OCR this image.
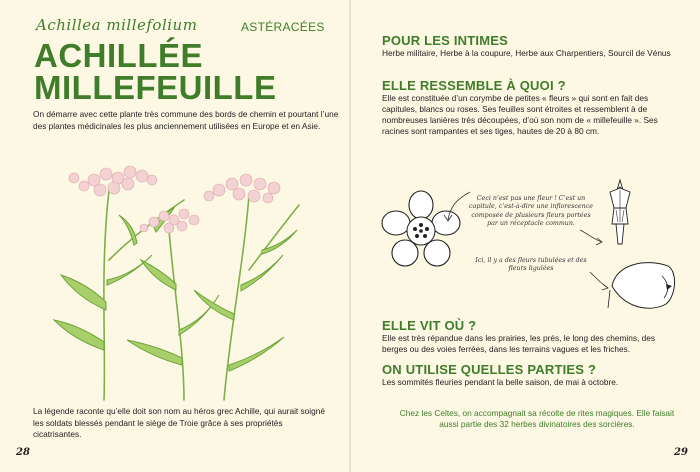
Achillea millefolium	ASTÉRACÉES
ACHILLÉE
MILLEFEUILLE
On démarre avec cette plante très commune des bords de chemin et pourtant l’une des plantes médicinales les plus anciennement utilisées en Europe et en Asie.
La légende raconte qu’elle doit son nom au héros grec Achille, qui aurait soigné les soldats blessés pendant le siège de Troie grâce à ses propriétés cicatrisantes.
28
POUR LES INTIMES
Herbe militaire, Herbe à la coupure, Herbe aux Charpentiers, Sourcil de Vénus
ELLE RESSEMBLE À QUOI ?
Elle est constituée d’un corymbe de petites « fleurs » qui sont en fait des capitules, blancs ou roses. Ses feuilles sont étroites et ressemblent à de nombreuses lanières très découpées, d’où son nom de « millefeuille ». Ses racines sont rampantes et ses tiges, hautes de 20 à 80 cm.
Ceci n’est pas une fleur ! C’est un capitule, c’est-à-dire une inflorescence composée de plusieurs fleurs portées par un réceptacle commun.
Ici, il y a des fleurs tubulées et des fleurs ligulées
ELLE VIT OÙ ?
Elle est très répandue dans les prairies, les prés, le long des chemins, des berges ou des voies ferrées, dans les terrains vagues et les friches.
ON UTILISE QUELLES PARTIES ?
Les sommités fleuries pendant la belle saison, de mai à octobre.
Chez les Celtes, on accompagnait sa récolte de rites magiques. Elle faisait aussi partie des 32 herbes divinatoires des sorcières.
29
